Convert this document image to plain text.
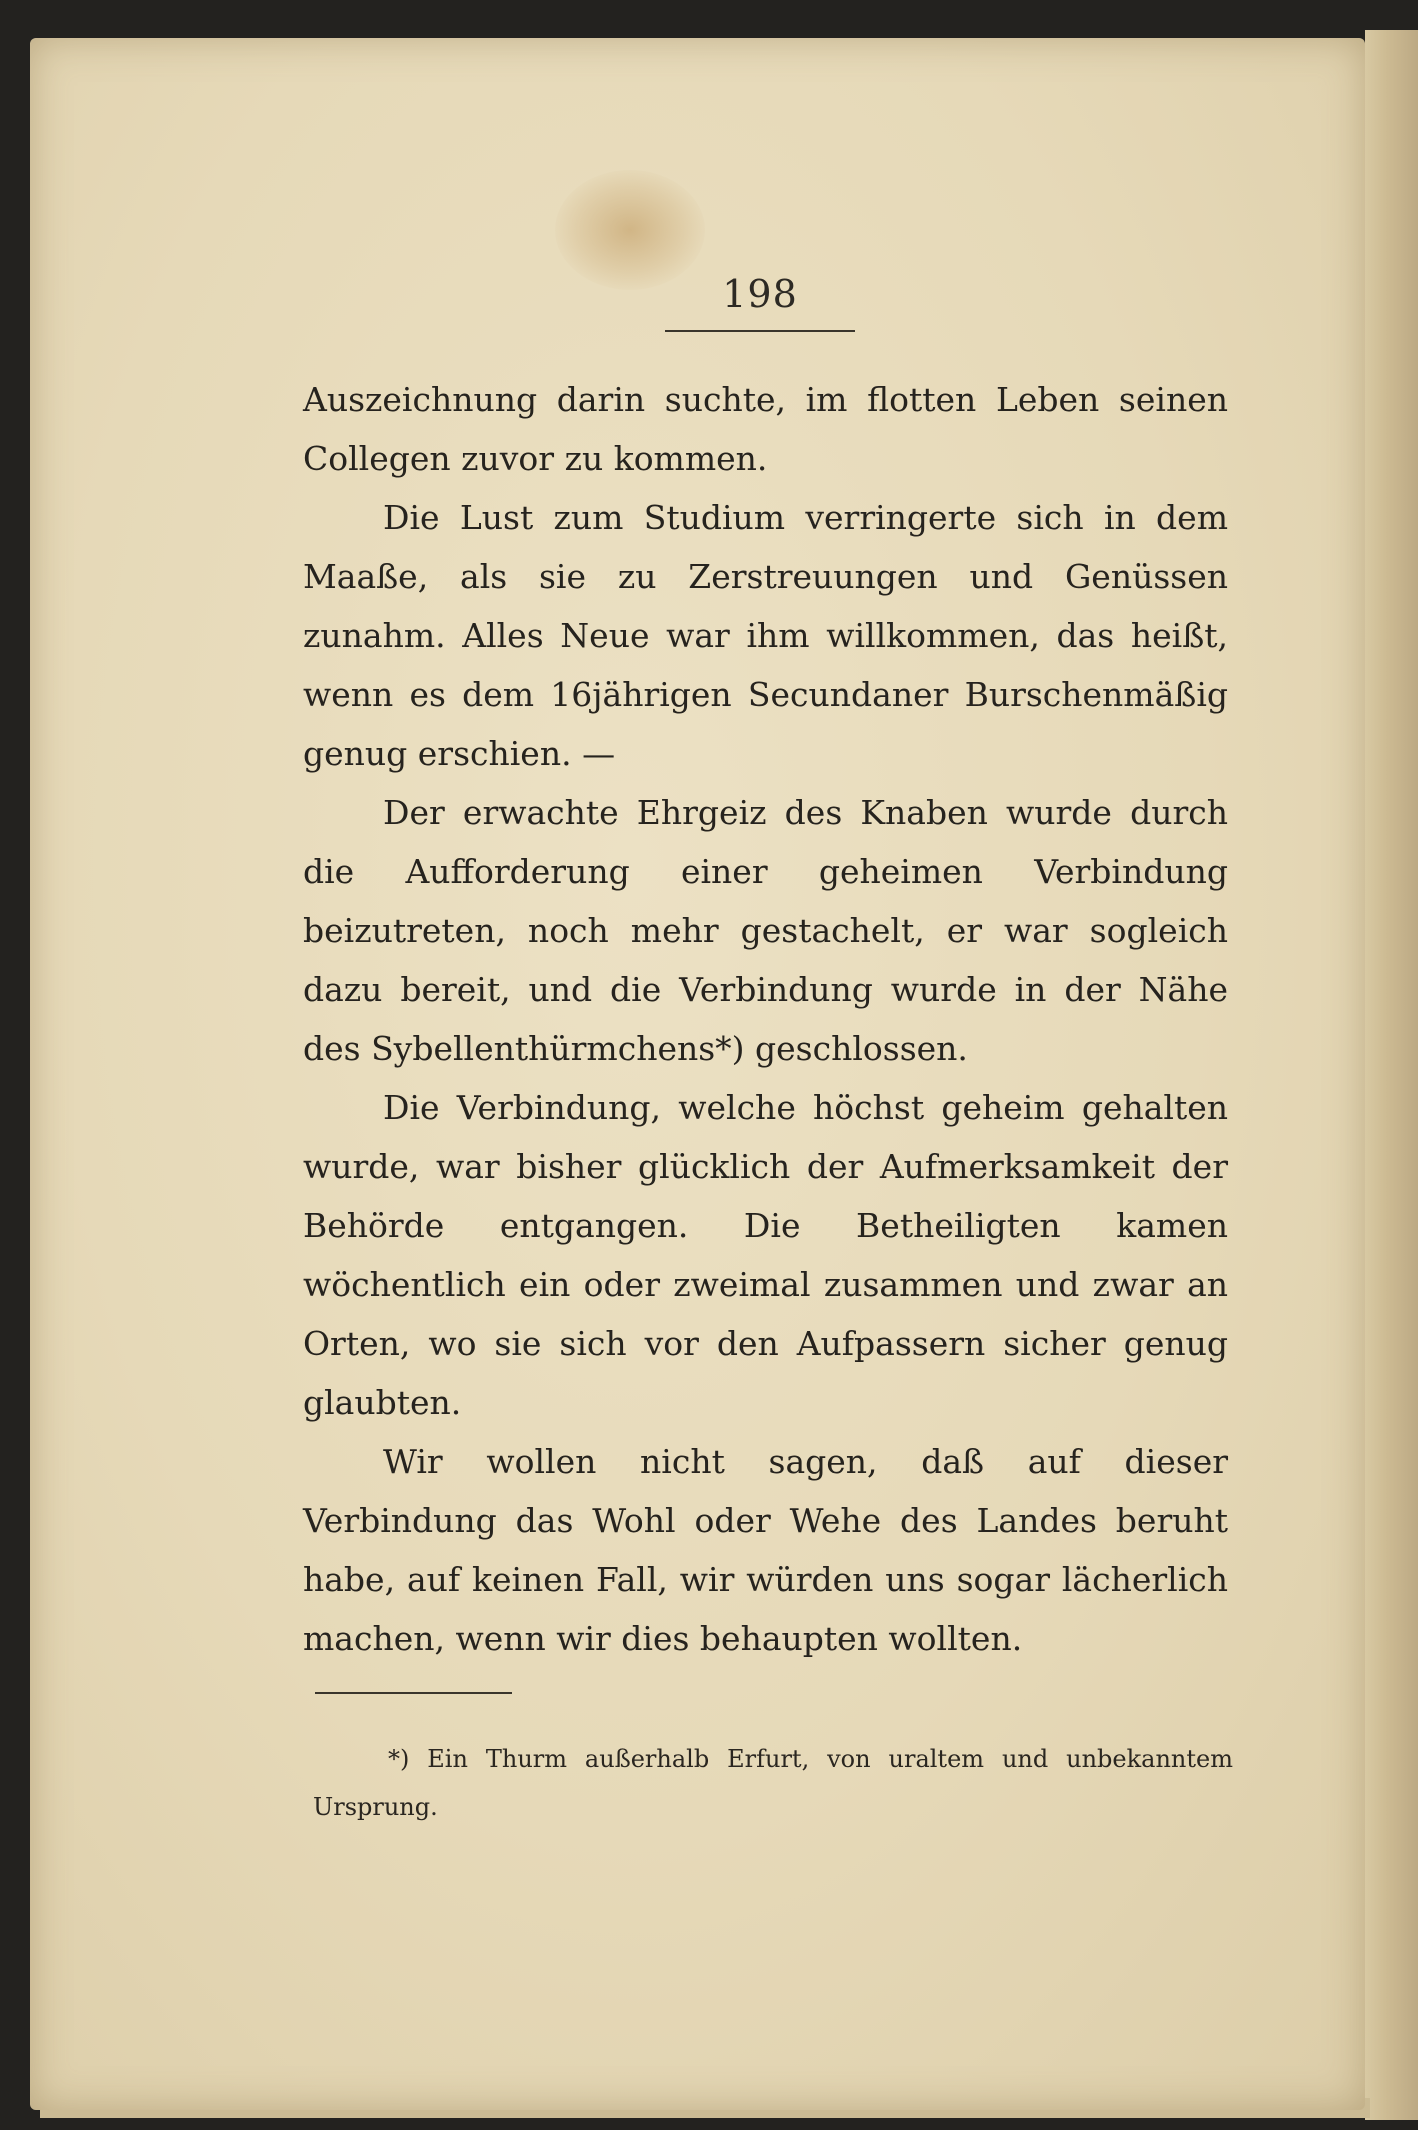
198

Auszeichnung darin suchte, im flotten Leben seinen Collegen zuvor zu kommen.

Die Lust zum Studium verringerte sich in dem Maaße, als sie zu Zerstreuungen und Genüssen zunahm. Alles Neue war ihm willkommen, das heißt, wenn es dem 16jährigen Secundaner Burschenmäßig genug erschien. —

Der erwachte Ehrgeiz des Knaben wurde durch die Aufforderung einer geheimen Verbindung beizutreten, noch mehr gestachelt, er war sogleich dazu bereit, und die Verbindung wurde in der Nähe des Sybellenthürmchens*) geschlossen.

Die Verbindung, welche höchst geheim gehalten wurde, war bisher glücklich der Aufmerksamkeit der Behörde entgangen. Die Betheiligten kamen wöchentlich ein oder zweimal zusammen und zwar an Orten, wo sie sich vor den Aufpassern sicher genug glaubten.

Wir wollen nicht sagen, daß auf dieser Verbindung das Wohl oder Wehe des Landes beruht habe, auf keinen Fall, wir würden uns sogar lächerlich machen, wenn wir dies behaupten wollten.

*) Ein Thurm außerhalb Erfurt, von uraltem und unbekanntem Ursprung.
